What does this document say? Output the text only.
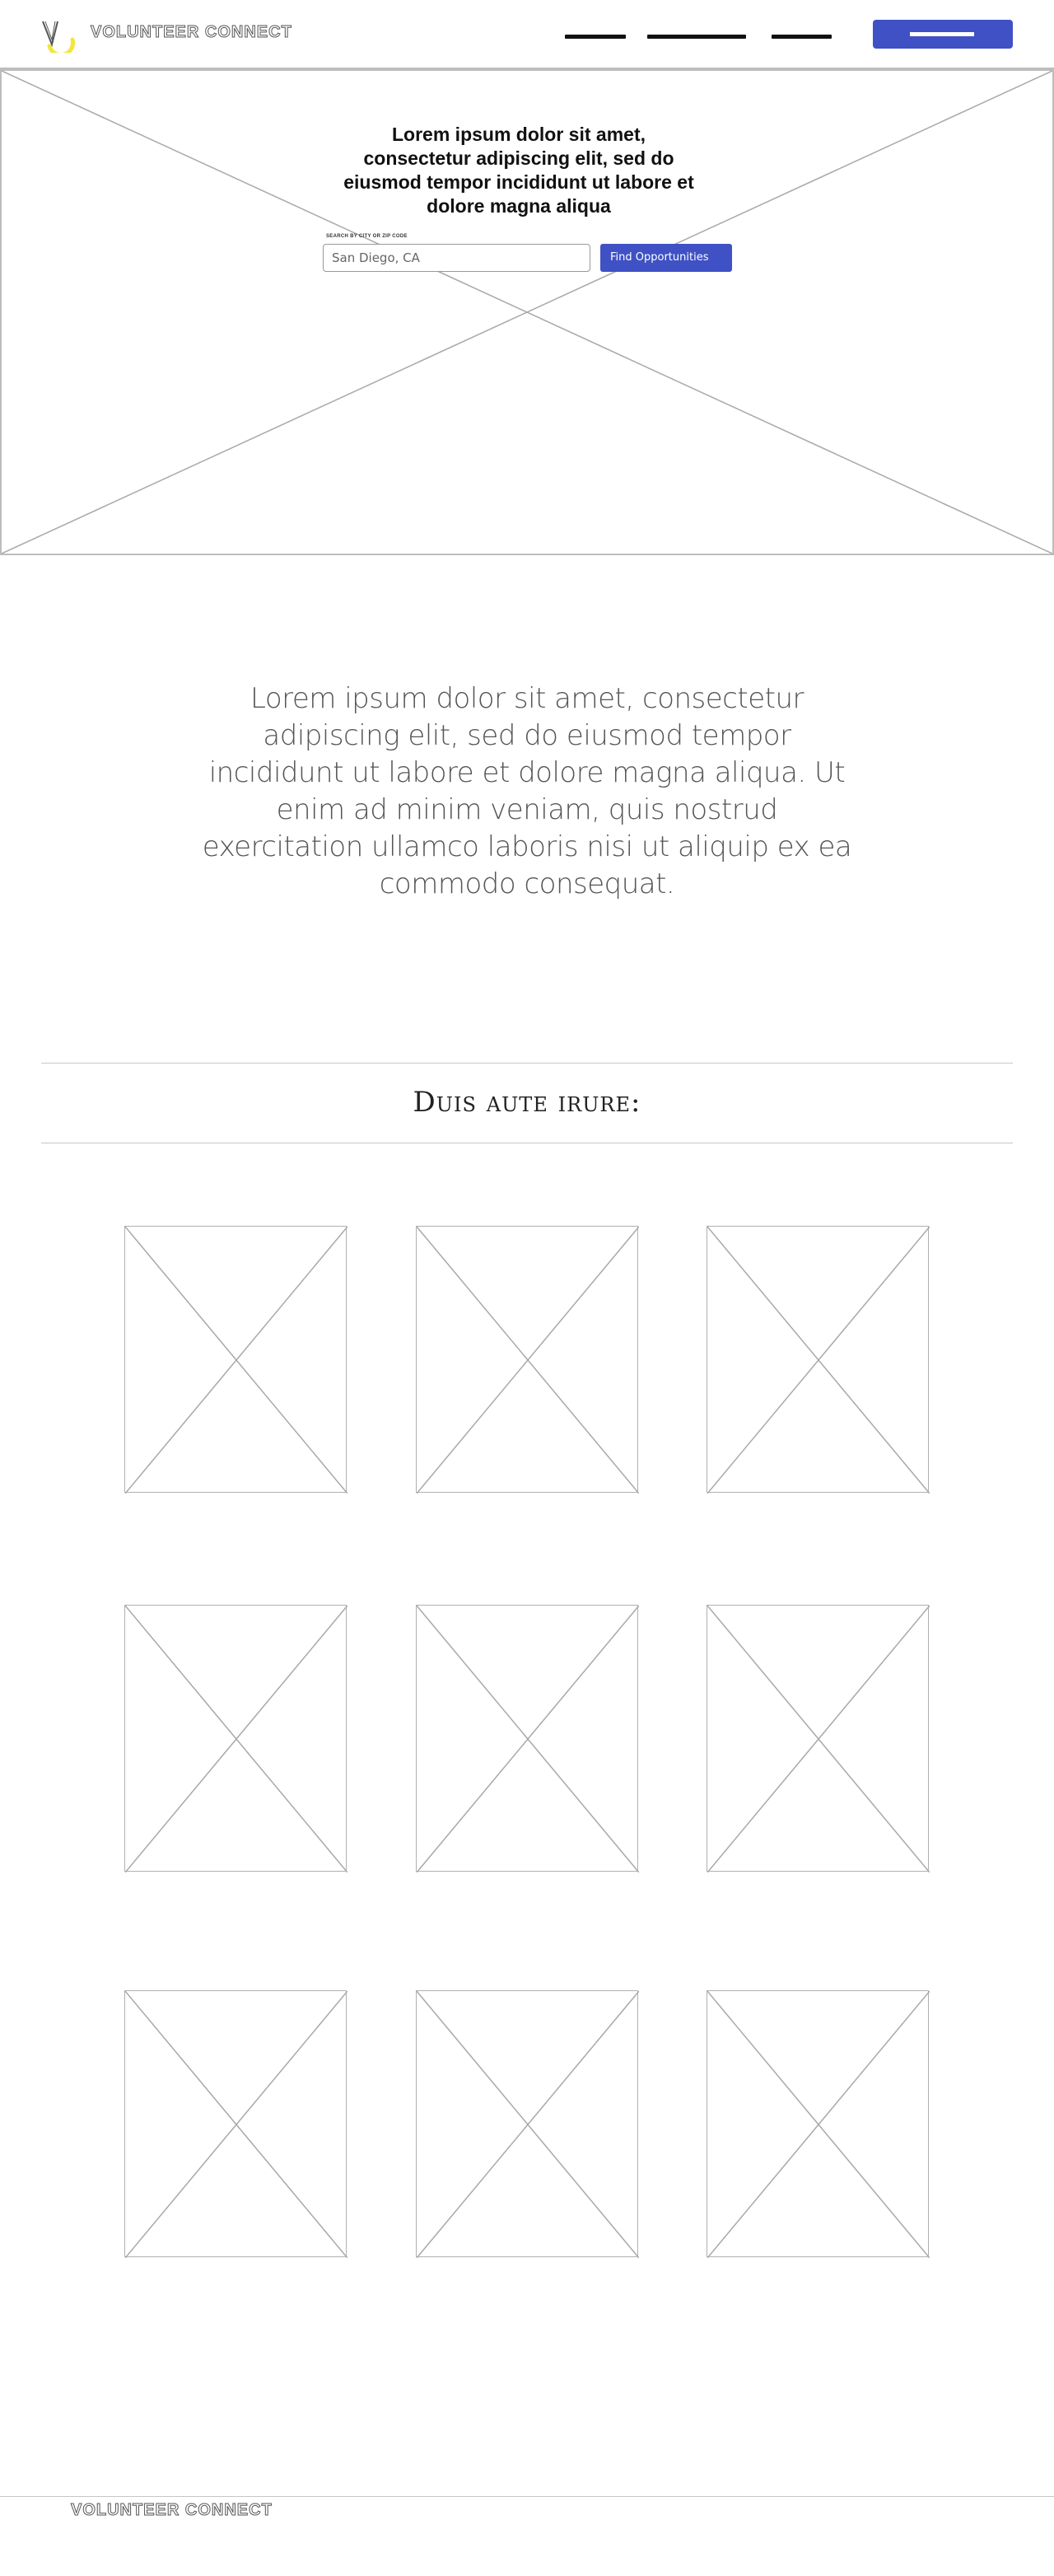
VOLUNTEER CONNECT
Lorem ipsum dolor sit amet, consectetur adipiscing elit, sed do eiusmod tempor incididunt ut labore et dolore magna aliqua
SEARCH BY CITY OR ZIP CODE
San Diego, CA	Find Opportunities
Lorem ipsum dolor sit amet, consectetur adipiscing elit, sed do eiusmod tempor incididunt ut labore et dolore magna aliqua. Ut enim ad minim veniam, quis nostrud exercitation ullamco laboris nisi ut aliquip ex ea commodo consequat.
Duis aute irure:
VOLUNTEER CONNECT
